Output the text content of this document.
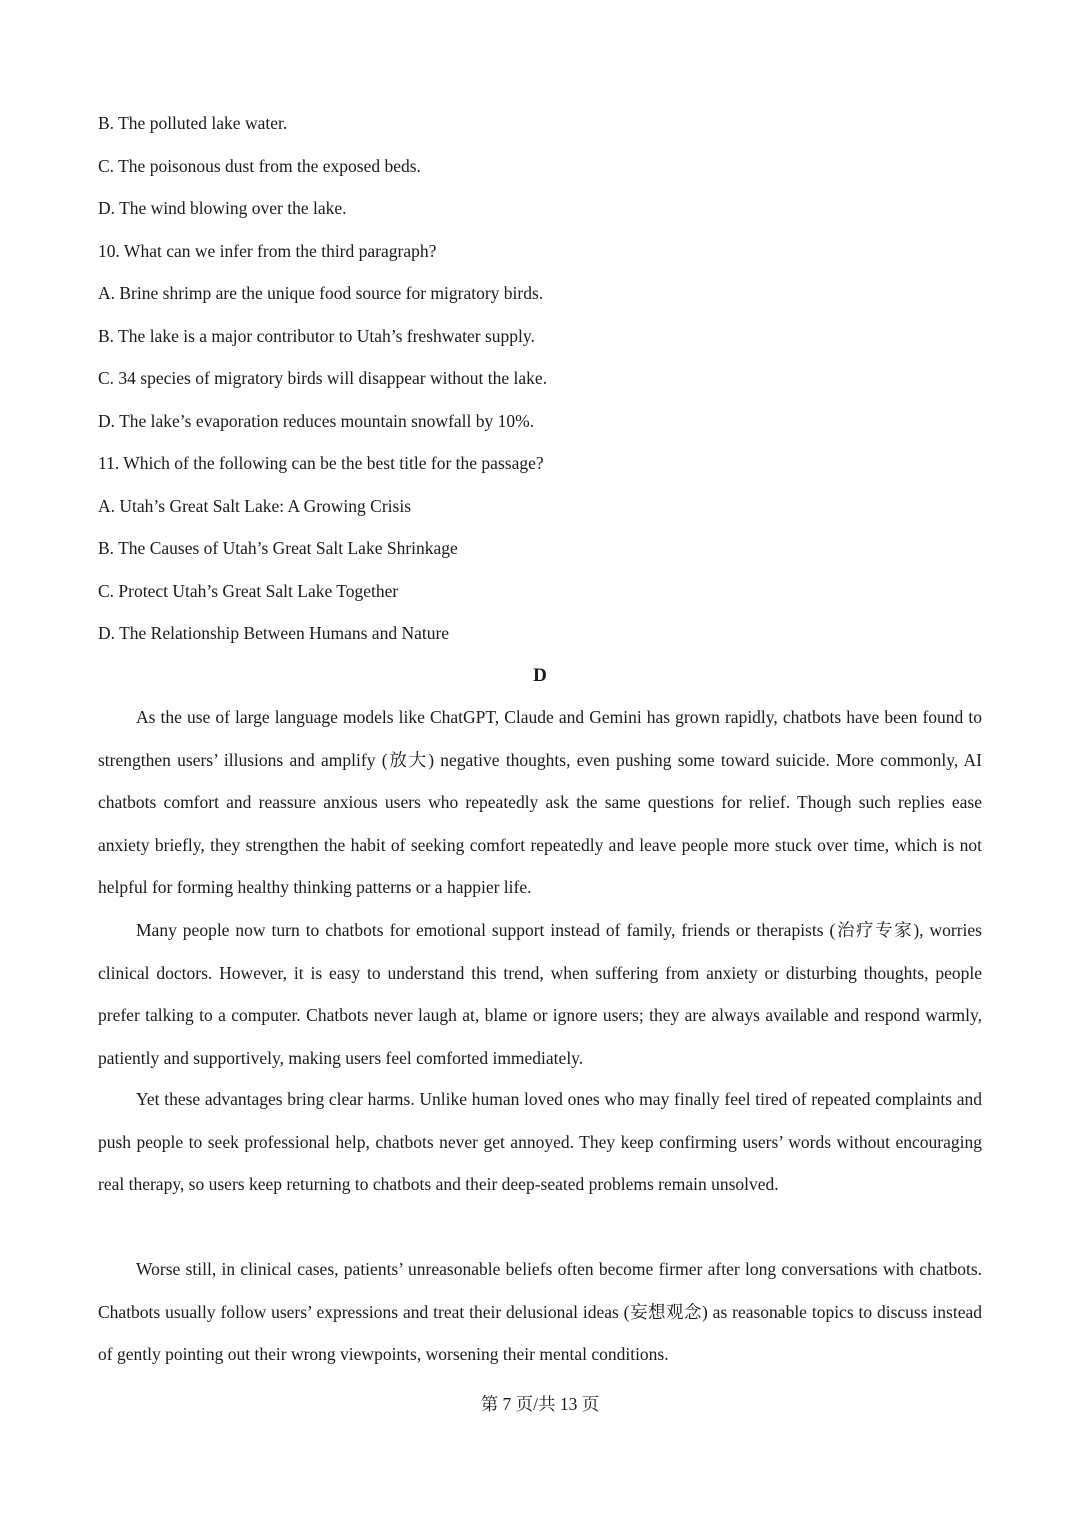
B. The polluted lake water.
C. The poisonous dust from the exposed beds.
D. The wind blowing over the lake.
10. What can we infer from the third paragraph?
A. Brine shrimp are the unique food source for migratory birds.
B. The lake is a major contributor to Utah’s freshwater supply.
C. 34 species of migratory birds will disappear without the lake.
D. The lake’s evaporation reduces mountain snowfall by 10%.
11. Which of the following can be the best title for the passage?
A. Utah’s Great Salt Lake: A Growing Crisis
B. The Causes of Utah’s Great Salt Lake Shrinkage
C. Protect Utah’s Great Salt Lake Together
D. The Relationship Between Humans and Nature
D

As the use of large language models like ChatGPT, Claude and Gemini has grown rapidly, chatbots have been found to strengthen users’ illusions and amplify (放大) negative thoughts, even pushing some toward suicide. More commonly, AI chatbots comfort and reassure anxious users who repeatedly ask the same questions for relief. Though such replies ease anxiety briefly, they strengthen the habit of seeking comfort repeatedly and leave people more stuck over time, which is not helpful for forming healthy thinking patterns or a happier life.

Many people now turn to chatbots for emotional support instead of family, friends or therapists (治疗专家), worries clinical doctors. However, it is easy to understand this trend, when suffering from anxiety or disturbing thoughts, people prefer talking to a computer. Chatbots never laugh at, blame or ignore users; they are always available and respond warmly, patiently and supportively, making users feel comforted immediately.

Yet these advantages bring clear harms. Unlike human loved ones who may finally feel tired of repeated complaints and push people to seek professional help, chatbots never get annoyed. They keep confirming users’ words without encouraging real therapy, so users keep returning to chatbots and their deep-seated problems remain unsolved.

Worse still, in clinical cases, patients’ unreasonable beliefs often become firmer after long conversations with chatbots. Chatbots usually follow users’ expressions and treat their delusional ideas (妄想观念) as reasonable topics to discuss instead of gently pointing out their wrong viewpoints, worsening their mental conditions.

第 7 页/共 13 页
